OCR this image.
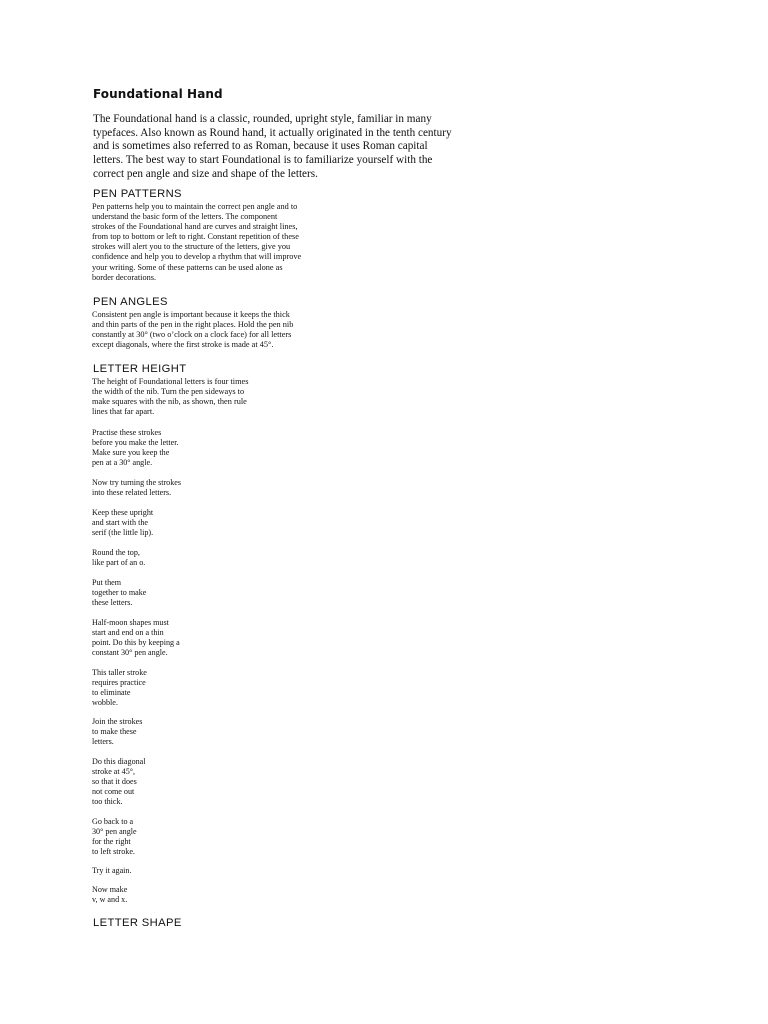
Foundational Hand
The Foundational hand is a classic, rounded, upright style, familiar in many
typefaces. Also known as Round hand, it actually originated in the tenth century
and is sometimes also referred to as Roman, because it uses Roman capital
letters. The best way to start Foundational is to familiarize yourself with the
correct pen angle and size and shape of the letters.
PEN PATTERNS
Pen patterns help you to maintain the correct pen angle and to
understand the basic form of the letters. The component
strokes of the Foundational hand are curves and straight lines,
from top to bottom or left to right. Constant repetition of these
strokes will alert you to the structure of the letters, give you
confidence and help you to develop a rhythm that will improve
your writing. Some of these patterns can be used alone as
border decorations.
PEN ANGLES
Consistent pen angle is important because it keeps the thick
and thin parts of the pen in the right places. Hold the pen nib
constantly at 30° (two o’clock on a clock face) for all letters
except diagonals, where the first stroke is made at 45°.
LETTER HEIGHT
The height of Foundational letters is four times
the width of the nib. Turn the pen sideways to
make squares with the nib, as shown, then rule
lines that far apart.
Practise these strokes
before you make the letter.
Make sure you keep the
pen at a 30° angle.
Now try turning the strokes
into these related letters.
Keep these upright
and start with the
serif (the little lip).
Round the top,
like part of an o.
Put them
together to make
these letters.
Half-moon shapes must
start and end on a thin
point. Do this by keeping a
constant 30° pen angle.
This taller stroke
requires practice
to eliminate
wobble.
Join the strokes
to make these
letters.
Do this diagonal
stroke at 45°,
so that it does
not come out
too thick.
Go back to a
30° pen angle
for the right
to left stroke.
Try it again.
Now make
v, w and x.
LETTER SHAPE
